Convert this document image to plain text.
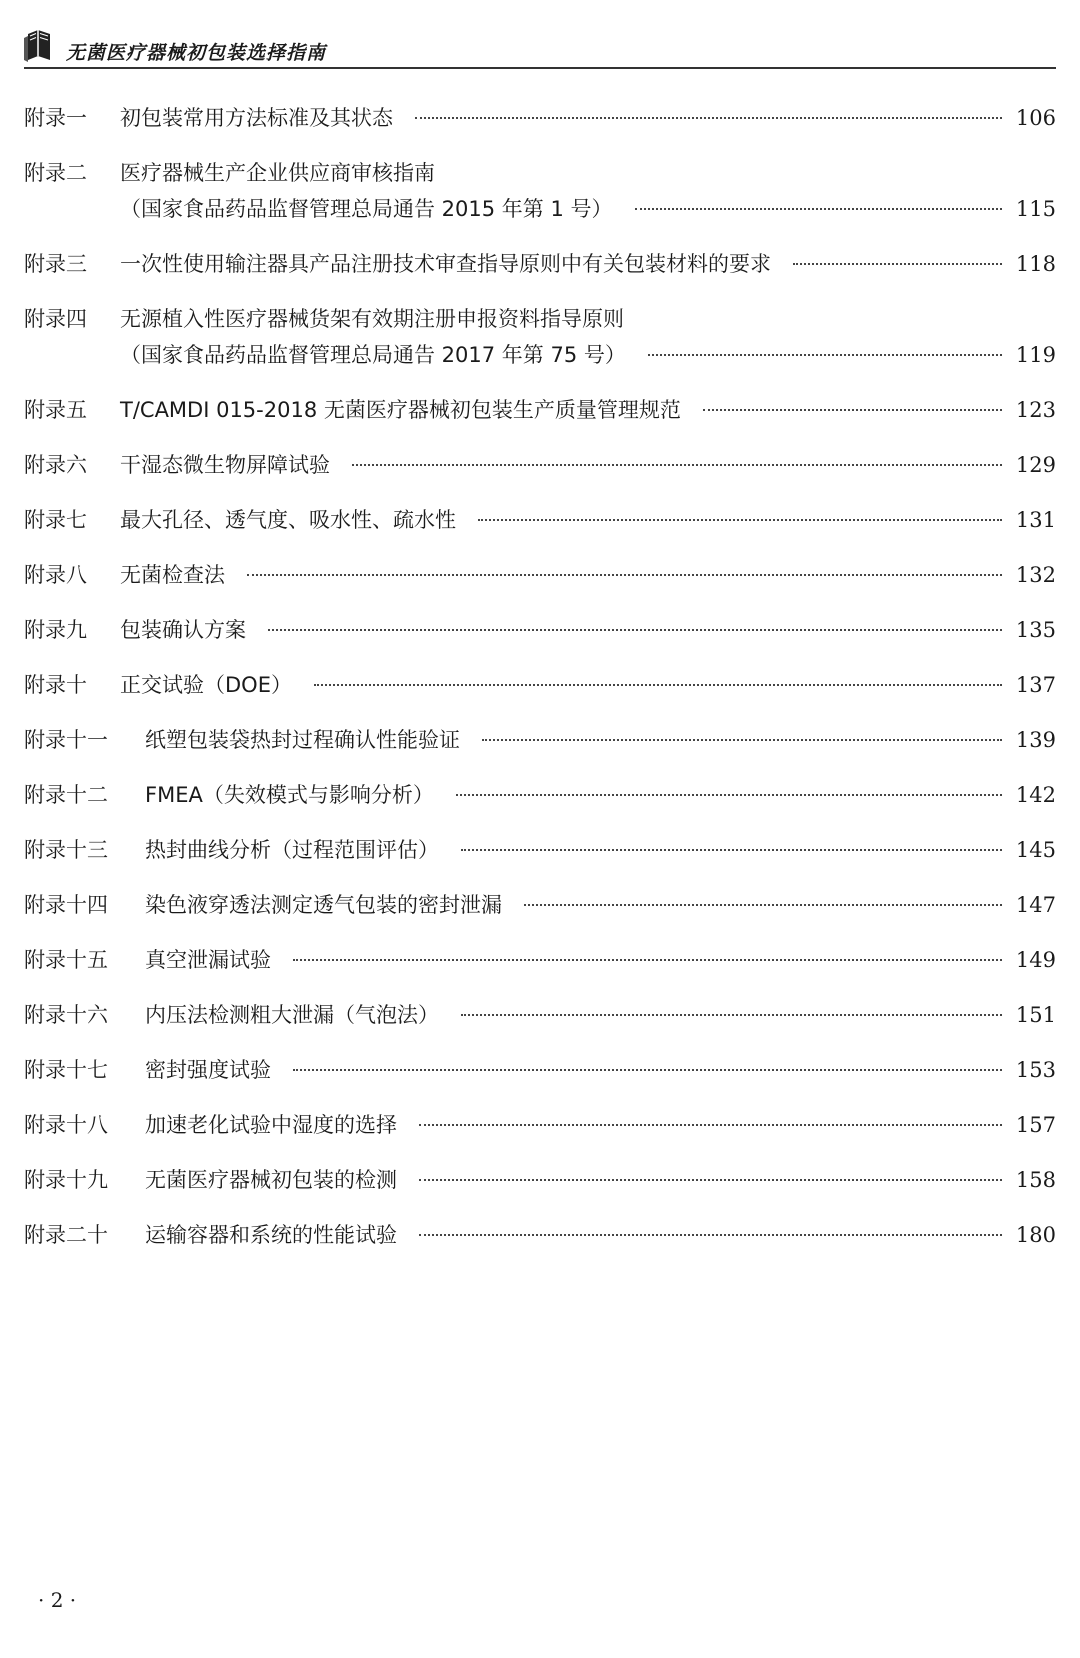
无菌医疗器械初包装选择指南
附录一	初包装常用方法标准及其状态	106
附录二	医疗器械生产企业供应商审核指南
（国家食品药品监督管理总局通告 2015 年第 1 号）	115
附录三	一次性使用输注器具产品注册技术审查指导原则中有关包装材料的要求	118
附录四	无源植入性医疗器械货架有效期注册申报资料指导原则
（国家食品药品监督管理总局通告 2017 年第 75 号）	119
附录五	T/CAMDI 015-2018 无菌医疗器械初包装生产质量管理规范	123
附录六	干湿态微生物屏障试验	129
附录七	最大孔径、透气度、吸水性、疏水性	131
附录八	无菌检查法	132
附录九	包装确认方案	135
附录十	正交试验（DOE）	137
附录十一	纸塑包装袋热封过程确认性能验证	139
附录十二	FMEA（失效模式与影响分析）	142
附录十三	热封曲线分析（过程范围评估）	145
附录十四	染色液穿透法测定透气包装的密封泄漏	147
附录十五	真空泄漏试验	149
附录十六	内压法检测粗大泄漏（气泡法）	151
附录十七	密封强度试验	153
附录十八	加速老化试验中湿度的选择	157
附录十九	无菌医疗器械初包装的检测	158
附录二十	运输容器和系统的性能试验	180
· 2 ·
